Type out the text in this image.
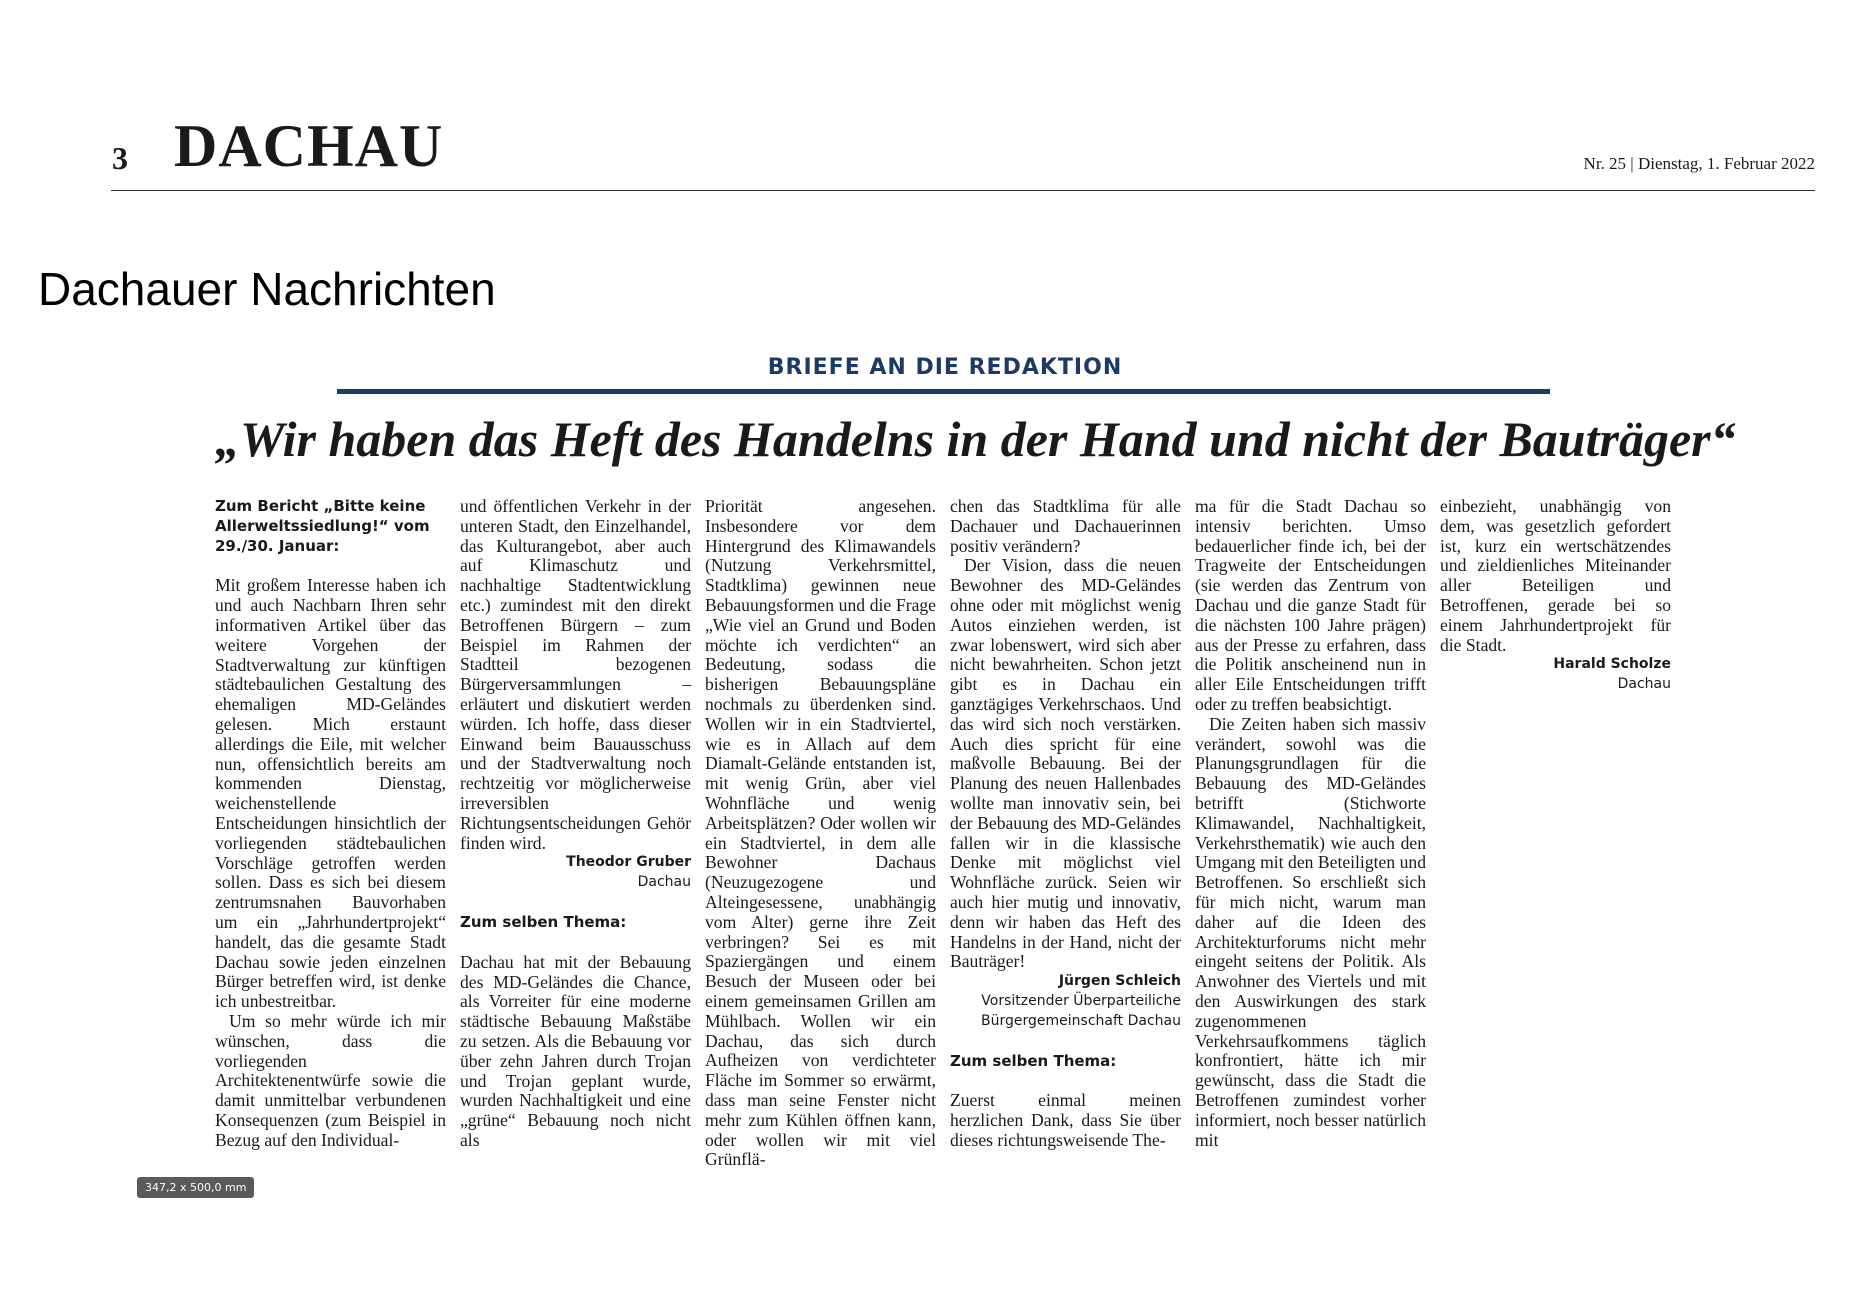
3 DACHAU	Nr. 25 | Dienstag, 1. Februar 2022
Dachauer Nachrichten
BRIEFE AN DIE REDAKTION
„Wir haben das Heft des Handelns in der Hand und nicht der Bauträger“

Zum Bericht „Bitte keine Allerweltssiedlung!“ vom 29./30. Januar:

Mit großem Interesse haben ich und auch Nachbarn Ihren sehr informativen Artikel über das weitere Vorgehen der Stadtverwaltung zur künftigen städtebaulichen Gestaltung des ehemaligen MD-Geländes gelesen. Mich erstaunt allerdings die Eile, mit welcher nun, offensichtlich bereits am kommenden Dienstag, weichenstellende Entscheidungen hinsichtlich der vorliegenden städtebaulichen Vorschläge getroffen werden sollen. Dass es sich bei diesem zentrumsnahen Bauvorhaben um ein „Jahrhundertprojekt“ handelt, das die gesamte Stadt Dachau sowie jeden einzelnen Bürger betreffen wird, ist denke ich unbestreitbar.

Um so mehr würde ich mir wünschen, dass die vorliegenden Architektenentwürfe sowie die damit unmittelbar verbundenen Konsequenzen (zum Beispiel in Bezug auf den Individual-

und öffentlichen Verkehr in der unteren Stadt, den Einzelhandel, das Kulturangebot, aber auch auf Klimaschutz und nachhaltige Stadtentwicklung etc.) zumindest mit den direkt Betroffenen Bürgern – zum Beispiel im Rahmen der Stadtteil bezogenen Bürgerversammlungen – erläutert und diskutiert werden würden. Ich hoffe, dass dieser Einwand beim Bauausschuss und der Stadtverwaltung noch rechtzeitig vor möglicherweise irreversiblen Richtungsentscheidungen Gehör finden wird.

Theodor Gruber

Dachau

Zum selben Thema:

Dachau hat mit der Bebauung des MD-Geländes die Chance, als Vorreiter für eine moderne städtische Bebauung Maßstäbe zu setzen. Als die Bebauung vor über zehn Jahren durch Trojan und Trojan geplant wurde, wurden Nachhaltigkeit und eine „grüne“ Bebauung noch nicht als

Priorität angesehen. Insbesondere vor dem Hintergrund des Klimawandels (Nutzung Verkehrsmittel, Stadtklima) gewinnen neue Bebauungsformen und die Frage „Wie viel an Grund und Boden möchte ich verdichten“ an Bedeutung, sodass die bisherigen Bebauungspläne nochmals zu überdenken sind. Wollen wir in ein Stadtviertel, wie es in Allach auf dem Diamalt-Gelände entstanden ist, mit wenig Grün, aber viel Wohnfläche und wenig Arbeitsplätzen? Oder wollen wir ein Stadtviertel, in dem alle Bewohner Dachaus (Neuzugezogene und Alteingesessene, unabhängig vom Alter) gerne ihre Zeit verbringen? Sei es mit Spaziergängen und einem Besuch der Museen oder bei einem gemeinsamen Grillen am Mühlbach. Wollen wir ein Dachau, das sich durch Aufheizen von verdichteter Fläche im Sommer so erwärmt, dass man seine Fenster nicht mehr zum Kühlen öffnen kann, oder wollen wir mit viel Grünflä-

chen das Stadtklima für alle Dachauer und Dachauerinnen positiv verändern?

Der Vision, dass die neuen Bewohner des MD-Geländes ohne oder mit möglichst wenig Autos einziehen werden, ist zwar lobenswert, wird sich aber nicht bewahrheiten. Schon jetzt gibt es in Dachau ein ganztägiges Verkehrschaos. Und das wird sich noch verstärken. Auch dies spricht für eine maßvolle Bebauung. Bei der Planung des neuen Hallenbades wollte man innovativ sein, bei der Bebauung des MD-Geländes fallen wir in die klassische Denke mit möglichst viel Wohnfläche zurück. Seien wir auch hier mutig und innovativ, denn wir haben das Heft des Handelns in der Hand, nicht der Bauträger!

Jürgen Schleich

Vorsitzender Überparteiliche Bürgergemeinschaft Dachau

Zum selben Thema:

Zuerst einmal meinen herzlichen Dank, dass Sie über dieses richtungsweisende The-

ma für die Stadt Dachau so intensiv berichten. Umso bedauerlicher finde ich, bei der Tragweite der Entscheidungen (sie werden das Zentrum von Dachau und die ganze Stadt für die nächsten 100 Jahre prägen) aus der Presse zu erfahren, dass die Politik anscheinend nun in aller Eile Entscheidungen trifft oder zu treffen beabsichtigt.

Die Zeiten haben sich massiv verändert, sowohl was die Planungsgrundlagen für die Bebauung des MD-Geländes betrifft (Stichworte Klimawandel, Nachhaltigkeit, Verkehrsthematik) wie auch den Umgang mit den Beteiligten und Betroffenen. So erschließt sich für mich nicht, warum man daher auf die Ideen des Architekturforums nicht mehr eingeht seitens der Politik. Als Anwohner des Viertels und mit den Auswirkungen des stark zugenommenen Verkehrsaufkommens täglich konfrontiert, hätte ich mir gewünscht, dass die Stadt die Betroffenen zumindest vorher informiert, noch besser natürlich mit

einbezieht, unabhängig von dem, was gesetzlich gefordert ist, kurz ein wertschätzendes und zieldienliches Miteinander aller Beteiligen und Betroffenen, gerade bei so einem Jahrhundertprojekt für die Stadt.

Harald Scholze

Dachau

347,2 x 500,0 mm
